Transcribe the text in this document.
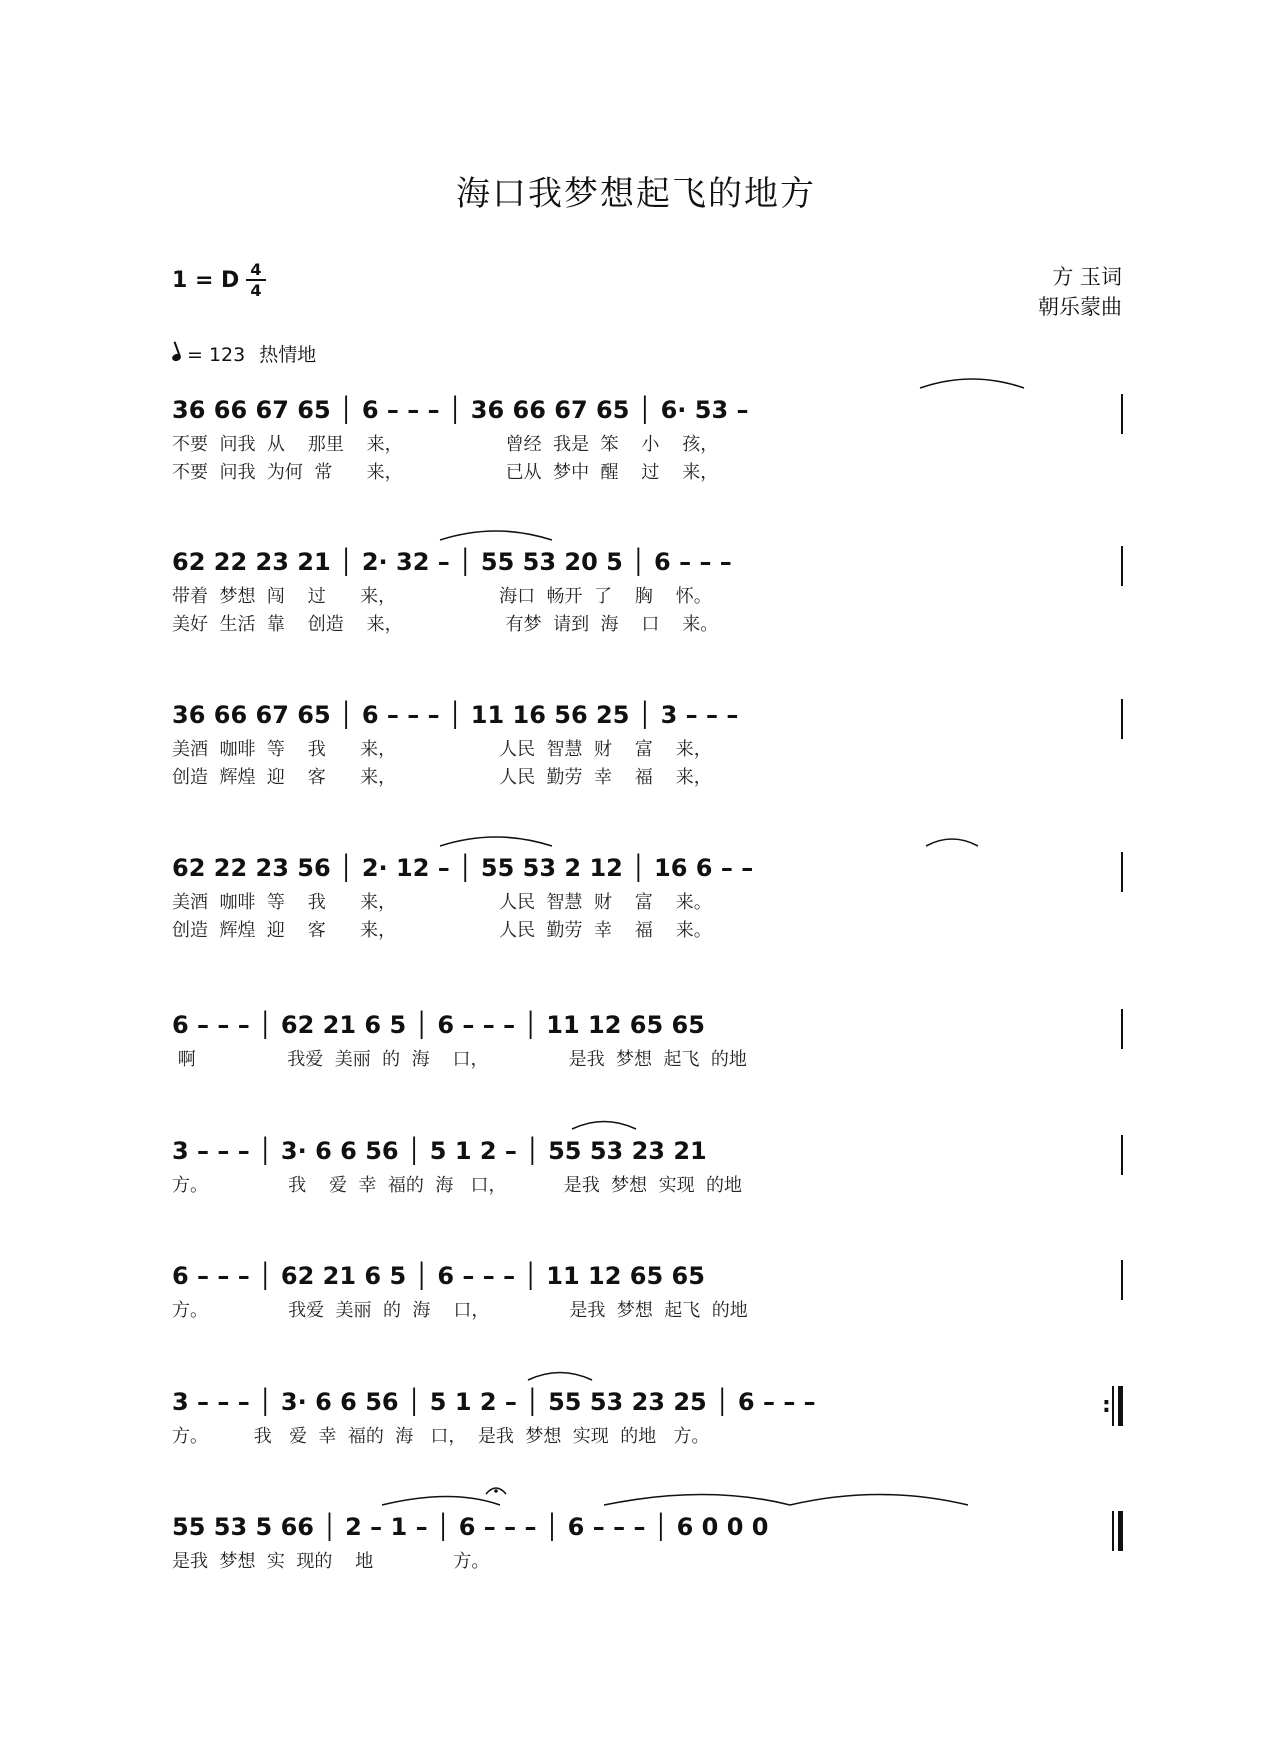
海口我梦想起飞的地方
1 = D 4
4
方 玉词
朝乐蒙曲
= 123 热情地
36 66 67 65 │ 6 – – – │ 36 66 67 65 │ 6· 53 –
不要  问我  从    那里    来，                  曾经  我是  笨    小    孩，
不要  问我  为何  常      来，                  已从  梦中  醒    过    来，
62 22 23 21 │ 2· 32 – │ 55 53 20 5 │ 6 – – –
带着  梦想  闯    过      来，                  海口  畅开  了    胸    怀。
美好  生活  靠    创造    来，                  有梦  请到  海    口    来。
36 66 67 65 │ 6 – – – │ 11 16 56 25 │ 3 – – –
美酒  咖啡  等    我      来，                  人民  智慧  财    富    来，
创造  辉煌  迎    客      来，                  人民  勤劳  幸    福    来，
62 22 23 56 │ 2· 12 – │ 55 53 2 12 │ 16 6 – –
美酒  咖啡  等    我      来，                  人民  智慧  财    富    来。
创造  辉煌  迎    客      来，                  人民  勤劳  幸    福    来。
6 – – – │ 62 21 6 5 │ 6 – – – │ 11 12 65 65
啊                我爱  美丽  的  海    口，              是我  梦想  起飞  的地
3 – – – │ 3· 6 6 56 │ 5 1 2 – │ 55 53 23 21
方。              我    爱  幸  福的  海   口，          是我  梦想  实现  的地
6 – – – │ 62 21 6 5 │ 6 – – – │ 11 12 65 65
方。              我爱  美丽  的  海    口，              是我  梦想  起飞  的地
3 – – – │ 3· 6 6 56 │ 5 1 2 – │ 55 53 23 25 │ 6 – – –
方。        我   爱  幸  福的  海   口，  是我  梦想  实现  的地   方。
:
55 53 5 66 │ 2 – 1 – │ 6 – – – │ 6 – – – │ 6 0 0 0
是我  梦想  实  现的    地              方。
